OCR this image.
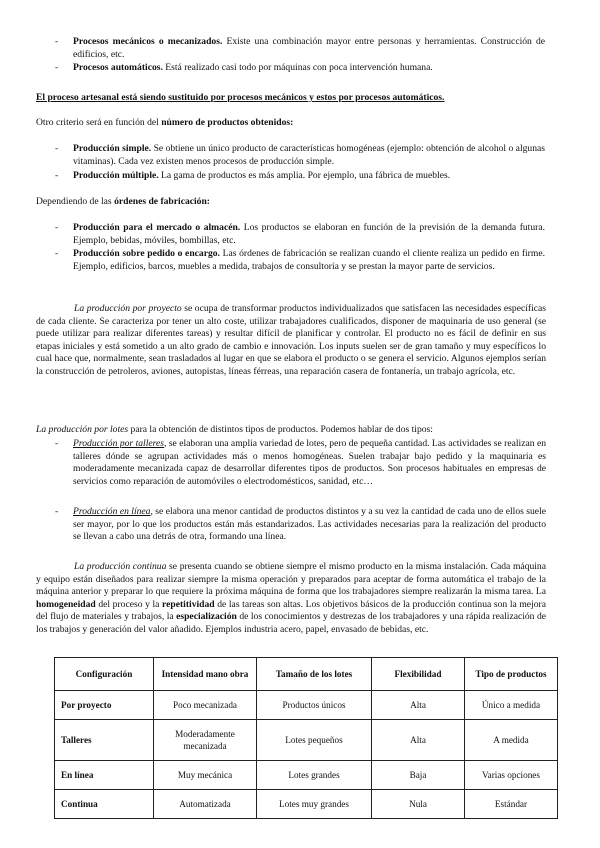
-	Procesos mecánicos o mecanizados. Existe una combinación mayor entre personas y herramientas. Construcción de edificios, etc.

-	Procesos automáticos. Está realizado casi todo por máquinas con poca intervención humana.

El proceso artesanal está siendo sustituido por procesos mecánicos y estos por procesos automáticos.

Otro criterio será en función del número de productos obtenidos:

-	Producción simple. Se obtiene un único producto de características homogéneas (ejemplo: obtención de alcohol o algunas vitaminas). Cada vez existen menos procesos de producción simple.

-	Producción múltiple. La gama de productos es más amplia. Por ejemplo, una fábrica de muebles.

Dependiendo de las órdenes de fabricación:

-	Producción para el mercado o almacén. Los productos se elaboran en función de la previsión de la demanda futura. Ejemplo, bebidas, móviles, bombillas, etc.

-	Producción sobre pedido o encargo. Las órdenes de fabricación se realizan cuando el cliente realiza un pedido en firme. Ejemplo, edificios, barcos, muebles a medida, trabajos de consultoría y se prestan la mayor parte de servicios.

La producción por proyecto se ocupa de transformar productos individualizados que satisfacen las necesidades específicas de cada cliente. Se caracteriza por tener un alto coste, utilizar trabajadores cualificados, disponer de maquinaria de uso general (se puede utilizar para realizar diferentes tareas) y resultar difícil de planificar y controlar. El producto no es fácil de definir en sus etapas iniciales y está sometido a un alto grado de cambio e innovación. Los inputs suelen ser de gran tamaño y muy específicos lo cual hace que, normalmente, sean trasladados al lugar en que se elabora el producto o se genera el servicio. Algunos ejemplos serían la construcción de petroleros, aviones, autopistas, líneas férreas, una reparación casera de fontanería, un trabajo agrícola, etc.

La producción por lotes para la obtención de distintos tipos de productos. Podemos hablar de dos tipos:

- Producción por talleres, se elaboran una amplia variedad de lotes, pero de pequeña cantidad. Las actividades se realizan en talleres dónde se agrupan actividades más o menos homogéneas. Suelen trabajar bajo pedido y la maquinaria es moderadamente mecanizada capaz de desarrollar diferentes tipos de productos. Son procesos habituales en empresas de servicios como reparación de automóviles o electrodomésticos, sanidad, etc…

- Producción en línea, se elabora una menor cantidad de productos distintos y a su vez la cantidad de cada uno de ellos suele ser mayor, por lo que los productos están más estandarizados. Las actividades necesarias para la realización del producto se llevan a cabo una detrás de otra, formando una línea.

La producción continua se presenta cuando se obtiene siempre el mismo producto en la misma instalación. Cada máquina y equipo están diseñados para realizar siempre la misma operación y preparados para aceptar de forma automática el trabajo de la máquina anterior y preparar lo que requiere la próxima máquina de forma que los trabajadores siempre realizarán la misma tarea. La homogeneidad del proceso y la repetitividad de las tareas son altas. Los objetivos básicos de la producción continua son la mejora del flujo de materiales y trabajos, la especialización de los conocimientos y destrezas de los trabajadores y una rápida realización de los trabajos y generación del valor añadido. Ejemplos industria acero, papel, envasado de bebidas, etc.

Configuración	Intensidad mano obra	Tamaño de los lotes	Flexibilidad	Tipo de productos
Por proyecto	Poco mecanizada	Productos únicos	Alta	Único a medida
Talleres	Moderadamente mecanizada	Lotes pequeños	Alta	A medida
En línea	Muy mecánica	Lotes grandes	Baja	Varias opciones
Continua	Automatizada	Lotes muy grandes	Nula	Estándar
